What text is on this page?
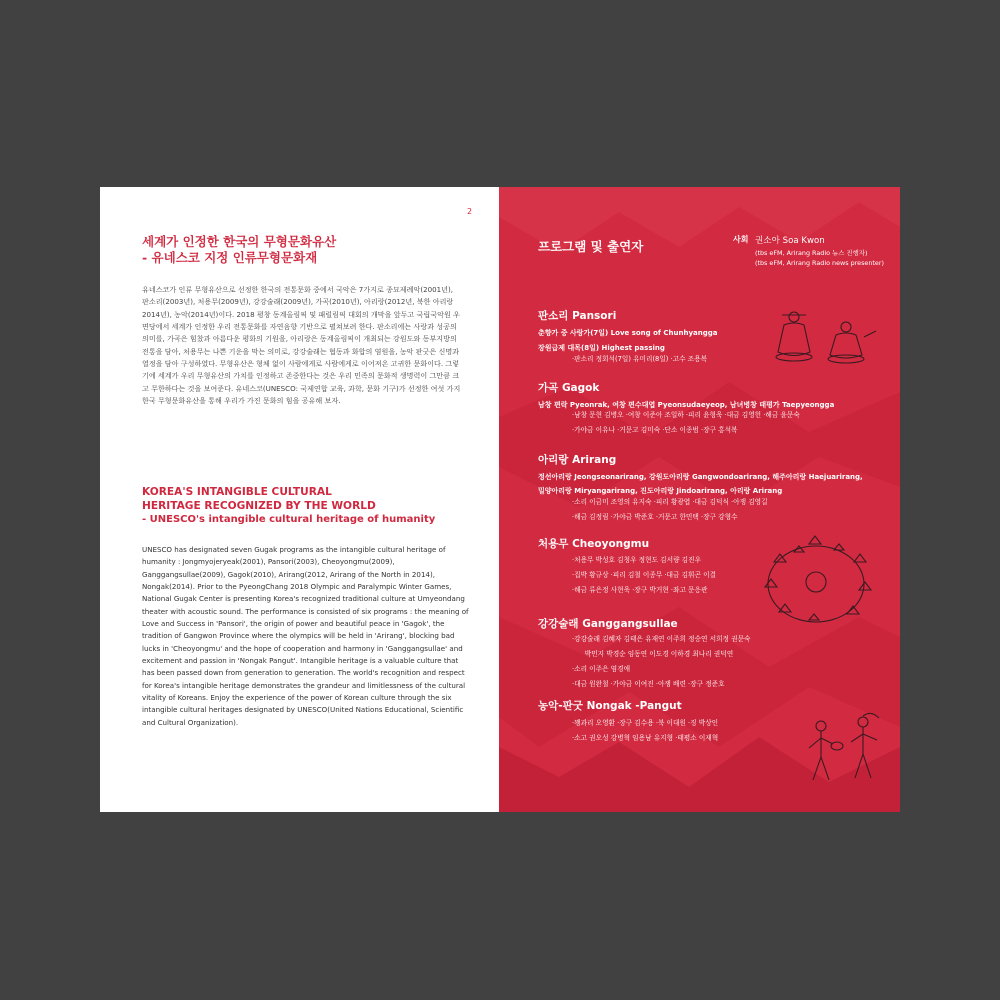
2
세계가 인정한 한국의 무형문화유산
- 유네스코 지정 인류무형문화재

유네스코가 인류 무형유산으로 선정한 한국의 전통문화 중에서 국악은 7가지로 종묘제례악(2001년), 판소리(2003년), 처용무(2009년), 강강술래(2009년), 가곡(2010년), 아리랑(2012년, 북한 아리랑 2014년), 농악(2014년)이다. 2018 평창 동계올림픽 및 패럴림픽 대회의 개막을 앞두고 국립국악원 우면당에서 세계가 인정한 우리 전통문화를 자연음향 기반으로 펼쳐보려 한다. 판소리에는 사랑과 성공의 의미를, 가곡은 힘찼과 아름다운 평화의 기원을, 아리랑은 동계올림픽이 개최되는 강원도와 동부지방의 전통을 담아, 처용무는 나쁜 기운을 막는 의미로, 강강술래는 협동과 화합의 염원을, 농악 판굿은 신명과 열정을 담아 구성하였다. 무형유산은 형체 없이 사람에게로 사람에게로 이어져온 고귀한 문화이다. 그렇기에 세계가 우리 무형유산의 가치를 인정하고 존중한다는 것은 우리 민족의 문화적 생명력이 그만큼 크고 무한하다는 것을 보여준다. 유네스코(UNESCO: 국제연합 교육, 과학, 문화 기구)가 선정한 여섯 가지 한국 무형문화유산을 통해 우리가 가진 문화의 힘을 공유해 보자.

KOREA'S INTANGIBLE CULTURAL
HERITAGE RECOGNIZED BY THE WORLD
- UNESCO's intangible cultural heritage of humanity

UNESCO has designated seven Gugak programs as the intangible cultural heritage of humanity : Jongmyojeryeak(2001), Pansori(2003), Cheoyongmu(2009), Ganggangsullae(2009), Gagok(2010), Arirang(2012, Arirang of the North in 2014), Nongak(2014). Prior to the PyeongChang 2018 Olympic and Paralympic Winter Games, National Gugak Center is presenting Korea's recognized traditional culture at Umyeondang theater with acoustic sound. The performance is consisted of six programs : the meaning of Love and Success in 'Pansori', the origin of power and beautiful peace in 'Gagok', the tradition of Gangwon Province where the olympics will be held in 'Arirang', blocking bad lucks in 'Cheoyongmu' and the hope of cooperation and harmony in 'Ganggangsullae' and excitement and passion in 'Nongak Pangut'. Intangible heritage is a valuable culture that has been passed down from generation to generation. The world's recognition and respect for Korea's intangible heritage demonstrates the grandeur and limitlessness of the cultural vitality of Koreans. Enjoy the experience of the power of Korean culture through the six intangible cultural heritages designated by UNESCO(United Nations Educational, Scientific and Cultural Organization).

프로그램 및 출연자	사회 권소아 Soa Kwon
(tbs eFM, Arirang Radio 뉴스 진행자)
(tbs eFM, Arirang Radio news presenter)
판소리 Pansori
춘향가 중 사랑가(7일) Love song of Chunhyangga
장원급제 대목(8일) Highest passing
·판소리 정회석(7일) 유미리(8일) ·고수 조용복
가곡 Gagok
남창 편락 Pyeonrak, 여창 편수대엽 Pyeonsudaeyeop, 남녀병창 태평가 Taepyeongga
·남창 문현 김병오 ·여창 이준아 조일하 ·피리 윤형욱 ·대금 김영헌 ·해금 윤문숙
·가야금 이유나 ·거문고 김미숙 ·단소 이종범 ·장구 홍석복
아리랑 Arirang
정선아리랑 Jeongseonarirang, 강원도아리랑 Gangwondoarirang, 해주아리랑 Haejuarirang,
밀양아리랑 Miryangarirang, 진도아리랑 Jindoarirang, 아리랑 Arirang
·소리 이금미 조영의 유지숙 ·피리 황광엽 ·대금 김덕식 ·아쟁 김영길
·해금 김정림 ·가야금 박준호 ·거문고 한민택 ·장구 강형수
처용무 Cheoyongmu
·처용무 박성호 김청우 정현도 김서량 김진우
·집박 황규상 ·피리 김철 이종무 ·대금 김휘곤 이결
·해금 류은정 사현욱 ·장구 박거현 ·좌고 문응관
강강술래 Ganggangsullae
·강강술래 김혜자 김태은 유재연 이주희 정승연 서희정 권문숙
박민지 박경순 임동연 이도경 이하경 최나리 권덕연
·소리 이주은 염경애
·대금 원완철 ·가야금 이여진 ·아쟁 배련 ·장구 정준호
농악-판굿 Nongak -Pangut
·꽹과리 오영환 ·장구 김수용 ·북 이대원 ·징 박상인
·소고 권오성 강병혁 임용남 유지형 ·태평소 이재혁
